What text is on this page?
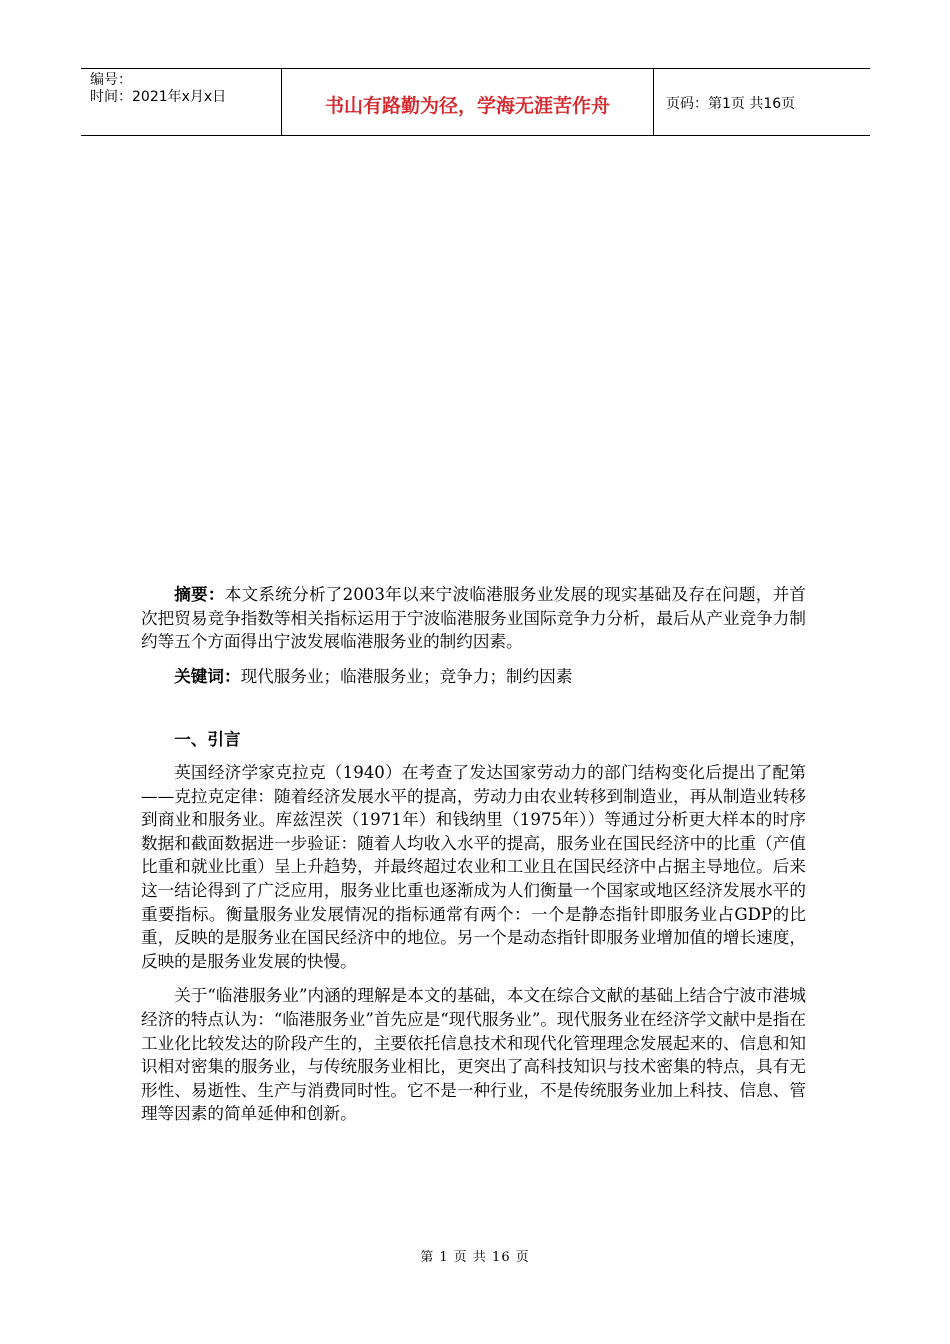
编号：
时间：2021年x月x日	书山有路勤为径，学海无涯苦作舟	页码：第1页 共16页

摘要：本文系统分析了2003年以来宁波临港服务业发展的现实基础及存在问题，并首次把贸易竞争指数等相关指标运用于宁波临港服务业国际竞争力分析，最后从产业竞争力制约等五个方面得出宁波发展临港服务业的制约因素。

关键词：现代服务业；临港服务业；竞争力；制约因素

一、引言

英国经济学家克拉克（1940）在考查了发达国家劳动力的部门结构变化后提出了配第——克拉克定律：随着经济发展水平的提高，劳动力由农业转移到制造业，再从制造业转移到商业和服务业。库兹涅茨（1971年）和钱纳里（1975年））等通过分析更大样本的时序数据和截面数据进一步验证：随着人均收入水平的提高，服务业在国民经济中的比重（产值比重和就业比重）呈上升趋势，并最终超过农业和工业且在国民经济中占据主导地位。后来这一结论得到了广泛应用，服务业比重也逐渐成为人们衡量一个国家或地区经济发展水平的重要指标。衡量服务业发展情况的指标通常有两个：一个是静态指针即服务业占GDP的比重，反映的是服务业在国民经济中的地位。另一个是动态指针即服务业增加值的增长速度，反映的是服务业发展的快慢。

关于“临港服务业”内涵的理解是本文的基础，本文在综合文献的基础上结合宁波市港城经济的特点认为：“临港服务业”首先应是“现代服务业”。现代服务业在经济学文献中是指在工业化比较发达的阶段产生的，主要依托信息技术和现代化管理理念发展起来的、信息和知识相对密集的服务业，与传统服务业相比，更突出了高科技知识与技术密集的特点，具有无形性、易逝性、生产与消费同时性。它不是一种行业，不是传统服务业加上科技、信息、管理等因素的简单延伸和创新。

第 1 页 共 16 页
